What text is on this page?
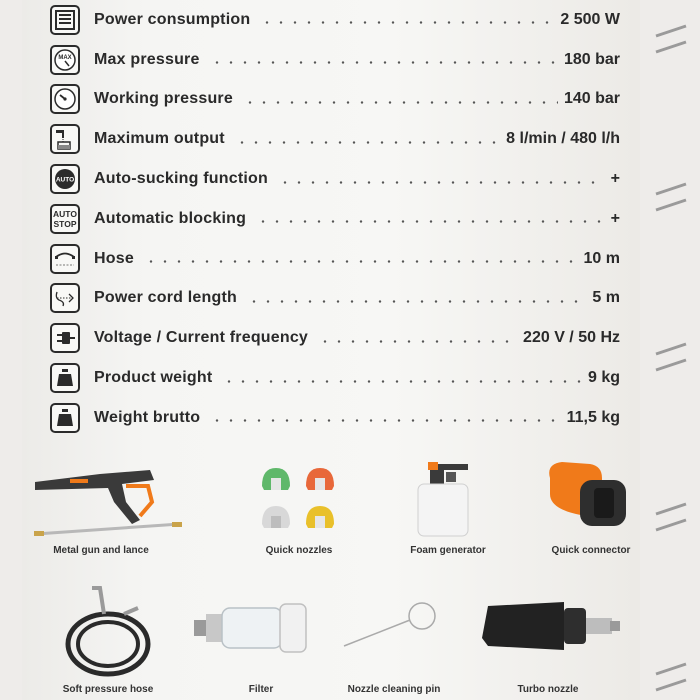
Power consumption	2 500 W
MAX Max pressure	180 bar
Working pressure	140 bar
Maximum output	8 l/min / 480 l/h
AUTO Auto-sucking function	+
AUTO
STOP Automatic blocking	+
Hose	10 m
Power cord length	5 m
Voltage / Current frequency	220 V / 50 Hz
Product weight	9 kg
Weight brutto	11,5 kg
Metal gun and lance	Quick nozzles	Foam generator	Quick connector
Soft pressure hose	Filter	Nozzle cleaning pin	Turbo nozzle
